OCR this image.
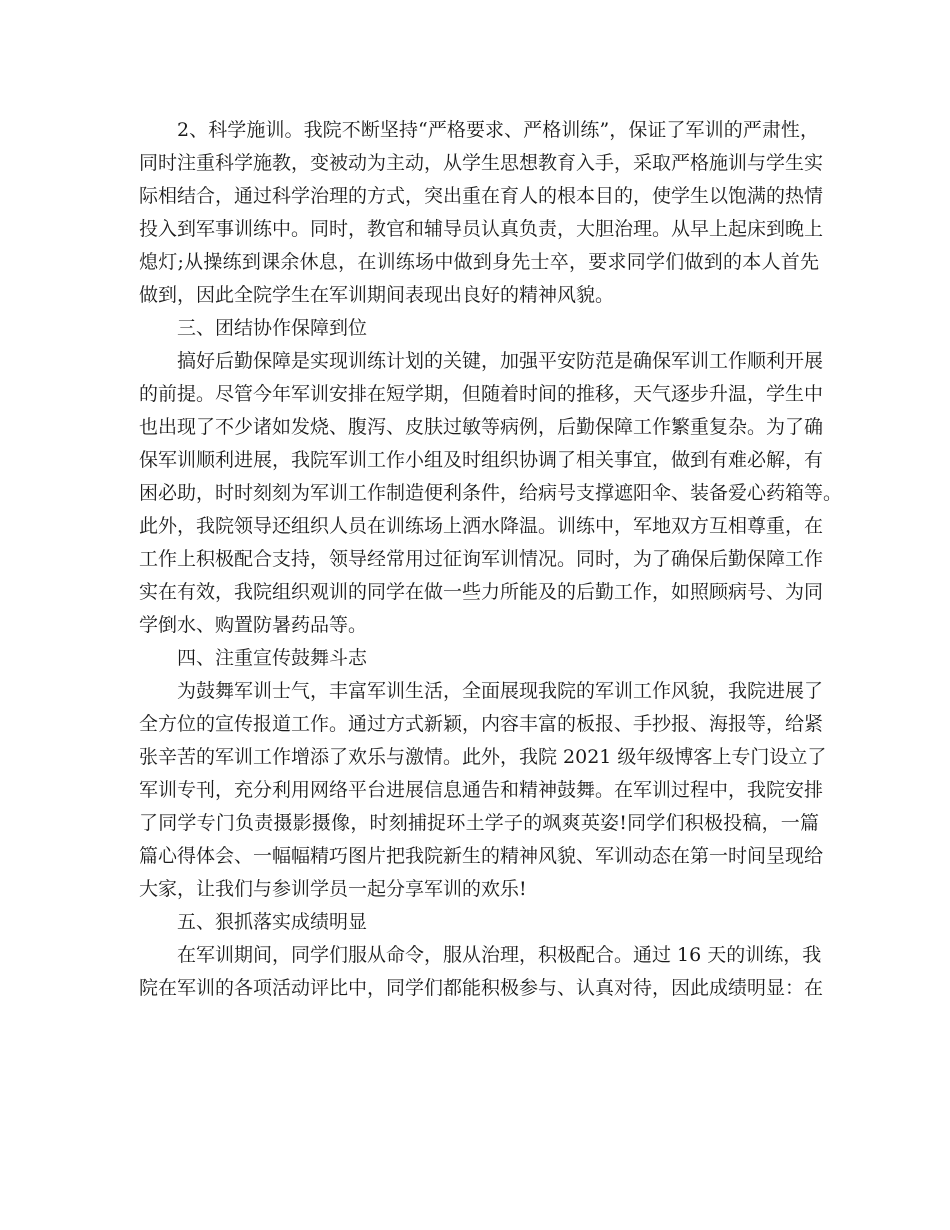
2、科学施训。我院不断坚持“严格要求、严格训练”，保证了军训的严肃性，
同时注重科学施教，变被动为主动，从学生思想教育入手，采取严格施训与学生实
际相结合，通过科学治理的方式，突出重在育人的根本目的，使学生以饱满的热情
投入到军事训练中。同时，教官和辅导员认真负责，大胆治理。从早上起床到晚上
熄灯;从操练到课余休息，在训练场中做到身先士卒，要求同学们做到的本人首先
做到，因此全院学生在军训期间表现出良好的精神风貌。
三、团结协作保障到位
搞好后勤保障是实现训练计划的关键，加强平安防范是确保军训工作顺利开展
的前提。尽管今年军训安排在短学期，但随着时间的推移，天气逐步升温，学生中
也出现了不少诸如发烧、腹泻、皮肤过敏等病例，后勤保障工作繁重复杂。为了确
保军训顺利进展，我院军训工作小组及时组织协调了相关事宜，做到有难必解，有
困必助，时时刻刻为军训工作制造便利条件，给病号支撑遮阳伞、装备爱心药箱等。
此外，我院领导还组织人员在训练场上洒水降温。训练中，军地双方互相尊重，在
工作上积极配合支持，领导经常用过征询军训情况。同时，为了确保后勤保障工作
实在有效，我院组织观训的同学在做一些力所能及的后勤工作，如照顾病号、为同
学倒水、购置防暑药品等。
四、注重宣传鼓舞斗志
为鼓舞军训士气，丰富军训生活，全面展现我院的军训工作风貌，我院进展了
全方位的宣传报道工作。通过方式新颖，内容丰富的板报、手抄报、海报等，给紧
张辛苦的军训工作增添了欢乐与激情。此外，我院 2021 级年级博客上专门设立了
军训专刊，充分利用网络平台进展信息通告和精神鼓舞。在军训过程中，我院安排
了同学专门负责摄影摄像，时刻捕捉环土学子的飒爽英姿!同学们积极投稿，一篇
篇心得体会、一幅幅精巧图片把我院新生的精神风貌、军训动态在第一时间呈现给
大家，让我们与参训学员一起分享军训的欢乐!
五、狠抓落实成绩明显
在军训期间，同学们服从命令，服从治理，积极配合。通过 16 天的训练，我
院在军训的各项活动评比中，同学们都能积极参与、认真对待，因此成绩明显：在
